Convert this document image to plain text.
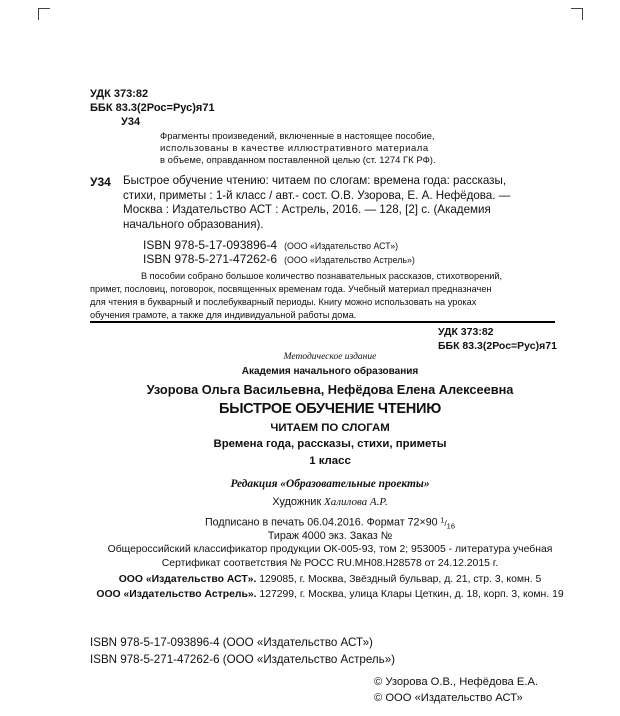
УДК 373:82
ББК 83.3(2Рос=Рус)я71
У34
Фрагменты произведений, включенные в настоящее пособие,
использованы в качестве иллюстративного материала
в объеме, оправданном поставленной целью (ст. 1274 ГК РФ).
У34 Быстрое обучение чтению: читаем по слогам: времена года: рассказы,
стихи, приметы : 1-й класс / авт.- сост. О.В. Узорова, Е. А. Нефёдова. —
Москва : Издательство АСТ : Астрель, 2016. — 128, [2] с. (Академия
начального образования).
ISBN 978-5-17-093896-4 (ООО «Издательство АСТ»)
ISBN 978-5-271-47262-6 (ООО «Издательство Астрель»)
В пособии собрано большое количество познавательных рассказов, стихотворений,
примет, пословиц, поговорок, посвященных временам года. Учебный материал предназначен
для чтения в букварный и послебукварный периоды. Книгу можно использовать на уроках
обучения грамоте, а также для индивидуальной работы дома.
УДК 373:82
ББК 83.3(2Рос=Рус)я71
Методическое издание
Академия начального образования
Узорова Ольга Васильевна, Нефёдова Елена Алексеевна
БЫСТРОЕ ОБУЧЕНИЕ ЧТЕНИЮ
ЧИТАЕМ ПО СЛОГАМ
Времена года, рассказы, стихи, приметы
1 класс
Редакция «Образовательные проекты»
Художник Халилова А.Р.
Подписано в печать 06.04.2016. Формат 72×90 $^1/_{16}$
Тираж 4000 экз. Заказ №
Общероссийский классификатор продукции ОК-005-93, том 2; 953005 - литература учебная
Сертификат соответствия № РОСС RU.МН08.Н28578 от 24.12.2015 г.
ООО «Издательство АСТ». 129085, г. Москва, Звёздный бульвар, д. 21, стр. 3, комн. 5
ООО «Издательство Астрель». 127299, г. Москва, улица Клары Цеткин, д. 18, корп. 3, комн. 19
ISBN 978-5-17-093896-4 (ООО «Издательство АСТ»)
ISBN 978-5-271-47262-6 (ООО «Издательство Астрель»)
© Узорова О.В., Нефёдова Е.А.
© ООО «Издательство АСТ»
